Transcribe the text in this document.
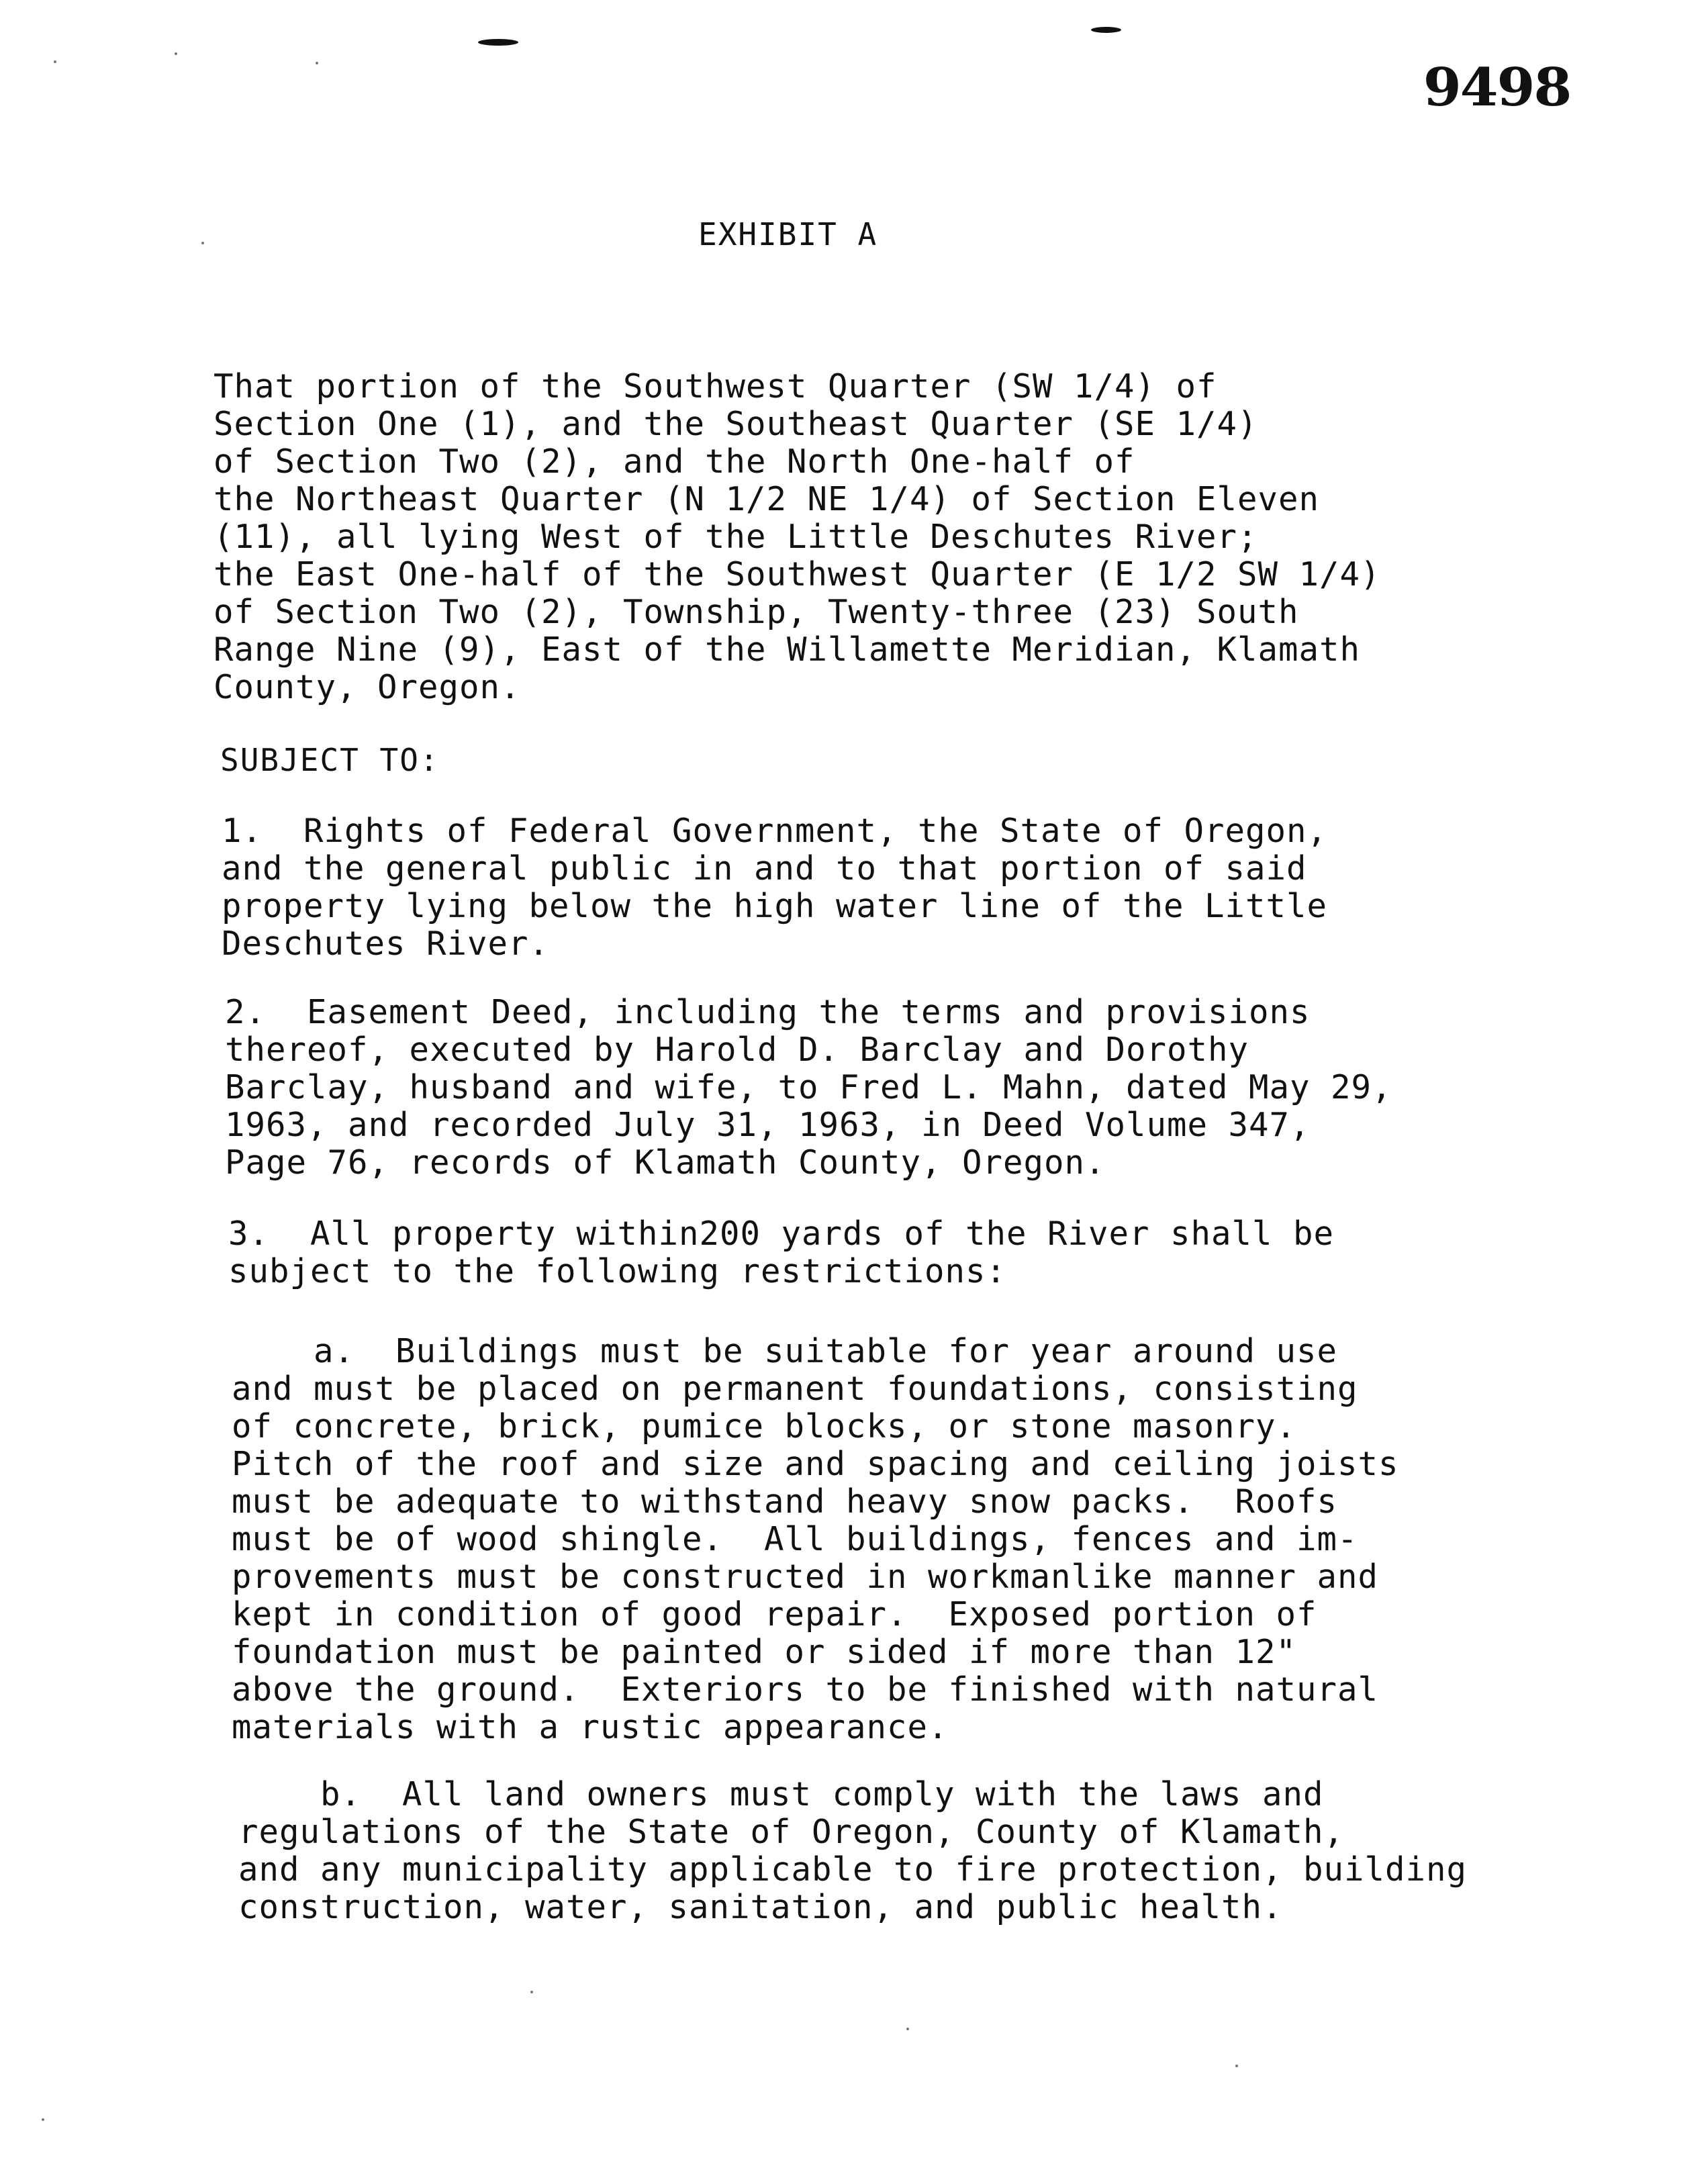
9498
EXHIBIT A
That portion of the Southwest Quarter (SW 1/4) of
Section One (1), and the Southeast Quarter (SE 1/4)
of Section Two (2), and the North One-half of
the Northeast Quarter (N 1/2 NE 1/4) of Section Eleven
(11), all lying West of the Little Deschutes River;
the East One-half of the Southwest Quarter (E 1/2 SW 1/4)
of Section Two (2), Township, Twenty-three (23) South
Range Nine (9), East of the Willamette Meridian, Klamath
County, Oregon.
SUBJECT TO:
1.  Rights of Federal Government, the State of Oregon,
and the general public in and to that portion of said
property lying below the high water line of the Little
Deschutes River.
2.  Easement Deed, including the terms and provisions
thereof, executed by Harold D. Barclay and Dorothy
Barclay, husband and wife, to Fred L. Mahn, dated May 29,
1963, and recorded July 31, 1963, in Deed Volume 347,
Page 76, records of Klamath County, Oregon.
3.  All property within200 yards of the River shall be
subject to the following restrictions:
a.  Buildings must be suitable for year around use
and must be placed on permanent foundations, consisting
of concrete, brick, pumice blocks, or stone masonry.
Pitch of the roof and size and spacing and ceiling joists
must be adequate to withstand heavy snow packs.  Roofs
must be of wood shingle.  All buildings, fences and im-
provements must be constructed in workmanlike manner and
kept in condition of good repair.  Exposed portion of
foundation must be painted or sided if more than 12"
above the ground.  Exteriors to be finished with natural
materials with a rustic appearance.
b.  All land owners must comply with the laws and
regulations of the State of Oregon, County of Klamath,
and any municipality applicable to fire protection, building
construction, water, sanitation, and public health.
